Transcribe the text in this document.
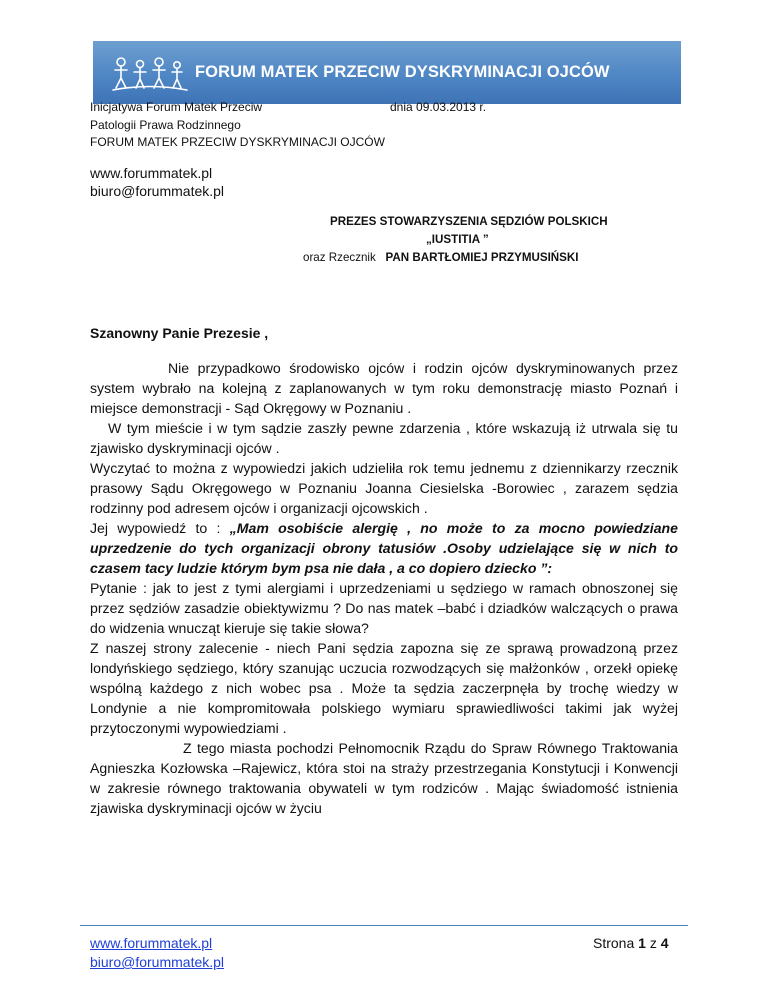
FORUM MATEK PRZECIW DYSKRYMINACJI OJCÓW
Inicjatywa Forum Matek Przeciw	dnia 09.03.2013 r.
Patologii Prawa Rodzinnego
FORUM MATEK PRZECIW DYSKRYMINACJI OJCÓW
www.forummatek.pl
biuro@forummatek.pl
PREZES STOWARZYSZENIA SĘDZIÓW POLSKICH
„IUSTITIA ”
oraz Rzecznik PAN BARTŁOMIEJ PRZYMUSIŃSKI
Szanowny Panie Prezesie ,

Nie przypadkowo środowisko ojców i rodzin ojców dyskryminowanych przez system wybrało na kolejną z zaplanowanych w tym roku demonstrację miasto Poznań i miejsce demonstracji - Sąd Okręgowy w Poznaniu .

W tym mieście i w tym sądzie zaszły pewne zdarzenia , które wskazują iż utrwala się tu zjawisko dyskryminacji ojców .

Wyczytać to można z wypowiedzi jakich udzieliła rok temu jednemu z dziennikarzy rzecznik prasowy Sądu Okręgowego w Poznaniu Joanna Ciesielska -Borowiec , zarazem sędzia rodzinny pod adresem ojców i organizacji ojcowskich .

Jej wypowiedź to : „Mam osobiście alergię , no może to za mocno powiedziane uprzedzenie do tych organizacji obrony tatusiów .Osoby udzielające się w nich to czasem tacy ludzie którym bym psa nie dała , a co dopiero dziecko ”:

Pytanie : jak to jest z tymi alergiami i uprzedzeniami u sędziego w ramach obnoszonej się przez sędziów zasadzie obiektywizmu ? Do nas matek –babć i dziadków walczących o prawa do widzenia wnucząt kieruje się takie słowa?

Z naszej strony zalecenie - niech Pani sędzia zapozna się ze sprawą prowadzoną przez londyńskiego sędziego, który szanując uczucia rozwodzących się małżonków , orzekł opiekę wspólną każdego z nich wobec psa . Może ta sędzia zaczerpnęła by trochę wiedzy w Londynie a nie kompromitowała polskiego wymiaru sprawiedliwości takimi jak wyżej przytoczonymi wypowiedziami .

Z tego miasta pochodzi Pełnomocnik Rządu do Spraw Równego Traktowania Agnieszka Kozłowska –Rajewicz, która stoi na straży przestrzegania Konstytucji i Konwencji w zakresie równego traktowania obywateli w tym rodziców . Mając świadomość istnienia zjawiska dyskryminacji ojców w życiu

www.forummatek.pl
biuro@forummatek.pl
Strona 1 z 4
